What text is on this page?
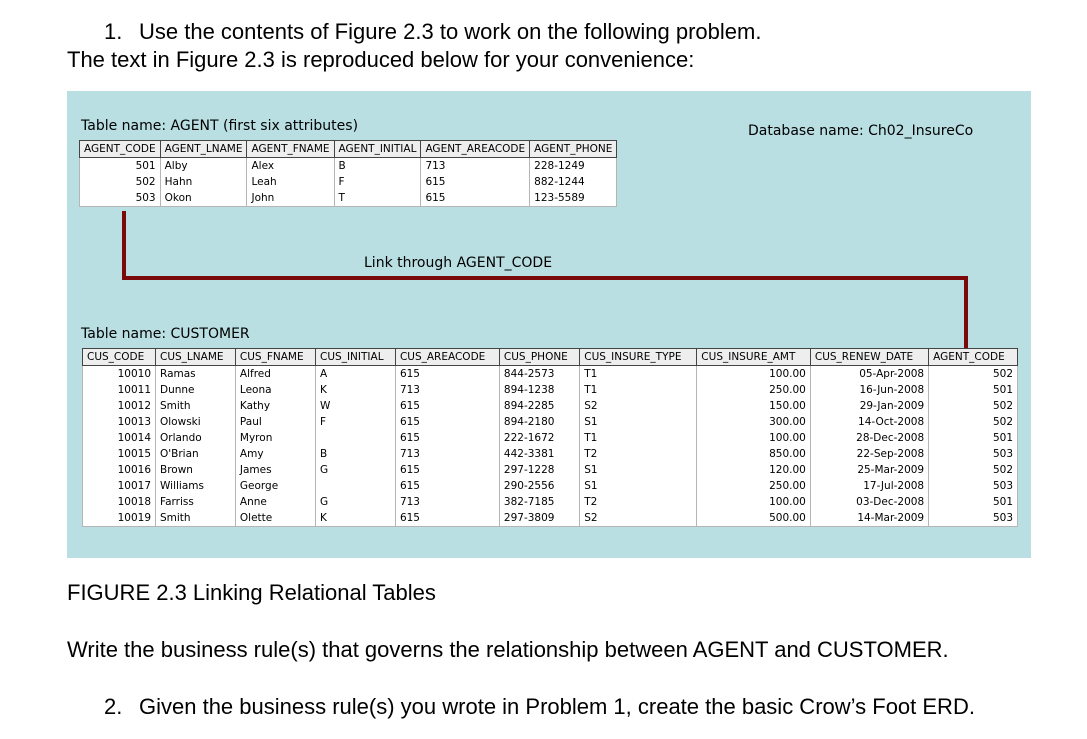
1. Use the contents of Figure 2.3 to work on the following problem.
The text in Figure 2.3 is reproduced below for your convenience:
Table name: AGENT (first six attributes)	Database name: Ch02_InsureCo
AGENT_CODE	AGENT_LNAME	AGENT_FNAME	AGENT_INITIAL	AGENT_AREACODE	AGENT_PHONE
501	Alby	Alex	B	713	228-1249
502	Hahn	Leah	F	615	882-1244
503	Okon	John	T	615	123-5589
Link through AGENT_CODE
Table name: CUSTOMER
CUS_CODE	CUS_LNAME	CUS_FNAME	CUS_INITIAL	CUS_AREACODE	CUS_PHONE	CUS_INSURE_TYPE	CUS_INSURE_AMT	CUS_RENEW_DATE	AGENT_CODE
10010	Ramas	Alfred	A	615	844-2573	T1	100.00	05-Apr-2008	502
10011	Dunne	Leona	K	713	894-1238	T1	250.00	16-Jun-2008	501
10012	Smith	Kathy	W	615	894-2285	S2	150.00	29-Jan-2009	502
10013	Olowski	Paul	F	615	894-2180	S1	300.00	14-Oct-2008	502
10014	Orlando	Myron		615	222-1672	T1	100.00	28-Dec-2008	501
10015	O'Brian	Amy	B	713	442-3381	T2	850.00	22-Sep-2008	503
10016	Brown	James	G	615	297-1228	S1	120.00	25-Mar-2009	502
10017	Williams	George		615	290-2556	S1	250.00	17-Jul-2008	503
10018	Farriss	Anne	G	713	382-7185	T2	100.00	03-Dec-2008	501
10019	Smith	Olette	K	615	297-3809	S2	500.00	14-Mar-2009	503
FIGURE 2.3 Linking Relational Tables
Write the business rule(s) that governs the relationship between AGENT and CUSTOMER.
2. Given the business rule(s) you wrote in Problem 1, create the basic Crow’s Foot ERD.
